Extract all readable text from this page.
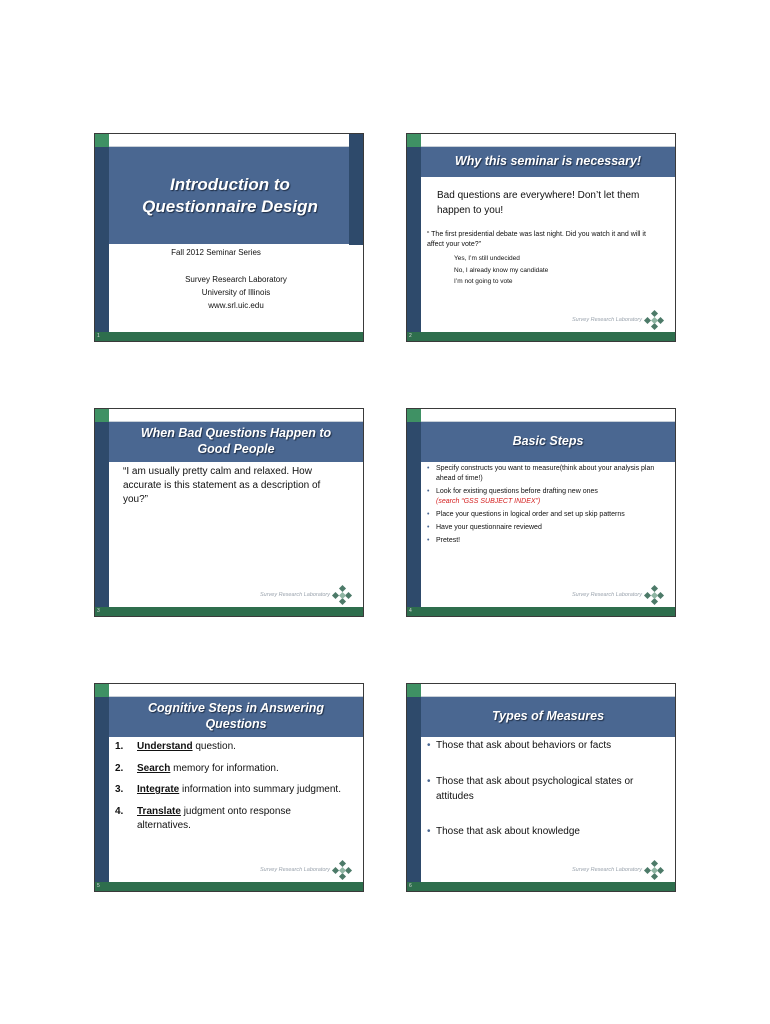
Introduction to Questionnaire Design
Fall 2012 Seminar Series
Survey Research Laboratory
University of Illinois
www.srl.uic.edu
1
Why this seminar is necessary!
Bad questions are everywhere! Don’t let them happen to you!
“ The first presidential debate was last night. Did you watch it and will it affect your vote?”
Yes, I’m still undecided
No, I already know my candidate
I’m not going to vote
Survey Research Laboratory
2
When Bad Questions Happen to Good People
“I am usually pretty calm and relaxed. How accurate is this statement as a description of you?”
Survey Research Laboratory
3
Basic Steps
• Specify constructs you want to measure(think about your analysis plan ahead of time!)
• Look for existing questions before drafting new ones
(search “GSS SUBJECT INDEX”)
• Place your questions in logical order and set up skip patterns
• Have your questionnaire reviewed
• Pretest!
Survey Research Laboratory
4
Cognitive Steps in Answering Questions
1. Understand question.
2. Search memory for information.
3. Integrate information into summary judgment.
4. Translate judgment onto response alternatives.
Survey Research Laboratory
5
Types of Measures
• Those that ask about behaviors or facts
• Those that ask about psychological states or attitudes
• Those that ask about knowledge
Survey Research Laboratory
6
